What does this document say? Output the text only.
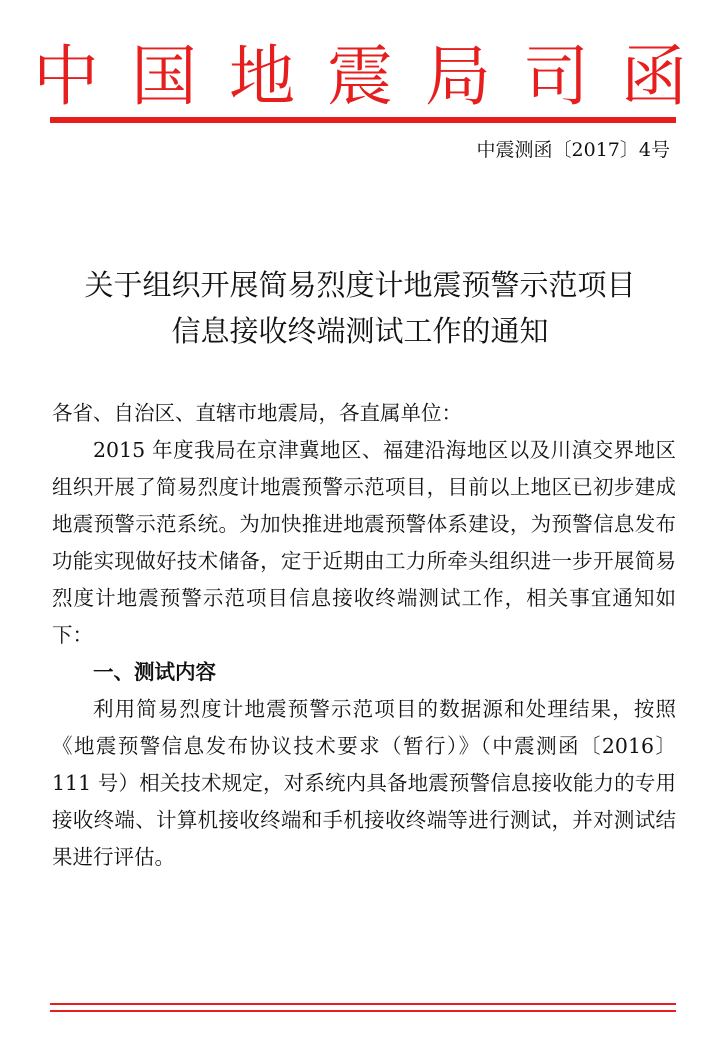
中国地震局司函
中震测函〔2017〕4号
关于组织开展简易烈度计地震预警示范项目
信息接收终端测试工作的通知

各省、自治区、直辖市地震局，各直属单位：

2015 年度我局在京津冀地区、福建沿海地区以及川滇交界地区组织开展了简易烈度计地震预警示范项目，目前以上地区已初步建成地震预警示范系统。为加快推进地震预警体系建设，为预警信息发布功能实现做好技术储备，定于近期由工力所牵头组织进一步开展简易烈度计地震预警示范项目信息接收终端测试工作，相关事宜通知如下：

一、测试内容

利用简易烈度计地震预警示范项目的数据源和处理结果，按照《地震预警信息发布协议技术要求（暂行）》（中震测函〔2016〕111 号）相关技术规定，对系统内具备地震预警信息接收能力的专用接收终端、计算机接收终端和手机接收终端等进行测试，并对测试结果进行评估。
